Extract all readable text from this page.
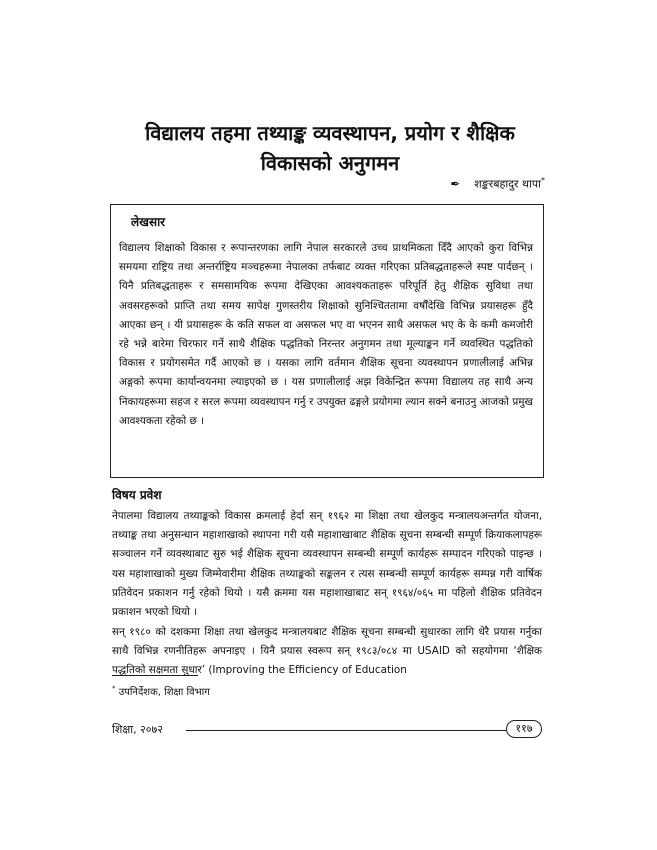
विद्यालय तहमा तथ्याङ्क व्यवस्थापन, प्रयोग र शैक्षिक
विकासको अनुगमन
✒ शङ्करबहादुर थापा*
लेखसार
विद्यालय शिक्षाको विकास र रूपान्तरणका लागि नेपाल सरकारले उच्च प्राथमिकता दिँदै आएको कुरा विभिन्न समयमा राष्ट्रिय तथा अन्तर्राष्ट्रिय मञ्चहरूमा नेपालका तर्फबाट व्यक्त गरिएका प्रतिबद्धताहरूले स्पष्ट पार्दछन् । यिनै प्रतिबद्धताहरू र समसामयिक रूपमा देखिएका आवश्यकताहरू परिपूर्ति हेतु शैक्षिक सुविधा तथा अवसरहरूको प्राप्ति तथा समय सापेक्ष गुणस्तरीय शिक्षाको सुनिश्चिततामा वर्षौंदेखि विभिन्न प्रयासहरू हुँदै आएका छन् । यी प्रयासहरू के कति सफल वा असफल भए वा भएनन साथै असफल भए के के कमी कमजोरी रहे भन्ने बारेमा चिरफार गर्ने साथै शैक्षिक पद्धतिको निरन्तर अनुगमन तथा मूल्याङ्कन गर्ने व्यवस्थित पद्धतिको विकास र प्रयोगसमेत गर्दै आएको छ । यसका लागि वर्तमान शैक्षिक सूचना व्यवस्थापन प्रणालीलाई अभिन्न अङ्गको रूपमा कार्यान्वयनमा ल्याइएको छ । यस प्रणालीलाई अझ विकेन्द्रित रूपमा विद्यालय तह साथै अन्य निकायहरूमा सहज र सरल रूपमा व्यवस्थापन गर्नु र उपयुक्त ढङ्गले प्रयोगमा ल्यान सक्ने बनाउनु आजको प्रमुख आवश्यकता रहेको छ ।
विषय प्रवेश
नेपालमा विद्यालय तथ्याङ्कको विकास क्रमलाई हेर्दा सन् १९६२ मा शिक्षा तथा खेलकुद मन्त्रालयअन्तर्गत योजना, तथ्याङ्क तथा अनुसन्धान महाशाखाको स्थापना गरी यसै महाशाखाबाट शैक्षिक सूचना सम्बन्धी सम्पूर्ण क्रियाकलापहरू सञ्चालन गर्ने व्यवस्थाबाट सुरु भई शैक्षिक सूचना व्यवस्थापन सम्बन्धी सम्पूर्ण कार्यहरू सम्पादन गरिएको पाइन्छ । यस महाशाखाको मुख्य जिम्मेवारीमा शैक्षिक तथ्याङ्कको सङ्कलन र त्यस सम्बन्धी सम्पूर्ण कार्यहरू सम्पन्न गरी वार्षिक प्रतिवेदन प्रकाशन गर्नु रहेको थियो । यसै क्रममा यस महाशाखाबाट सन् १९६४/०६५ मा पहिलो शैक्षिक प्रतिवेदन प्रकाशन भएको थियो ।
सन् १९८० को दशकमा शिक्षा तथा खेलकुद मन्त्रालयबाट शैक्षिक सूचना सम्बन्धी सुधारका लागि धेरै प्रयास गर्नुका साथै विभिन्न रणनीतिहरू अपनाइए । यिनै प्रयास स्वरूप सन् १९८३/०८४ मा USAID को सहयोगमा ‘शैक्षिक पद्धतिको सक्षमता सुधार’ (Improving the Efficiency of Education
* उपनिर्देशक, शिक्षा विभाग
शिक्षा, २०७२	११७
